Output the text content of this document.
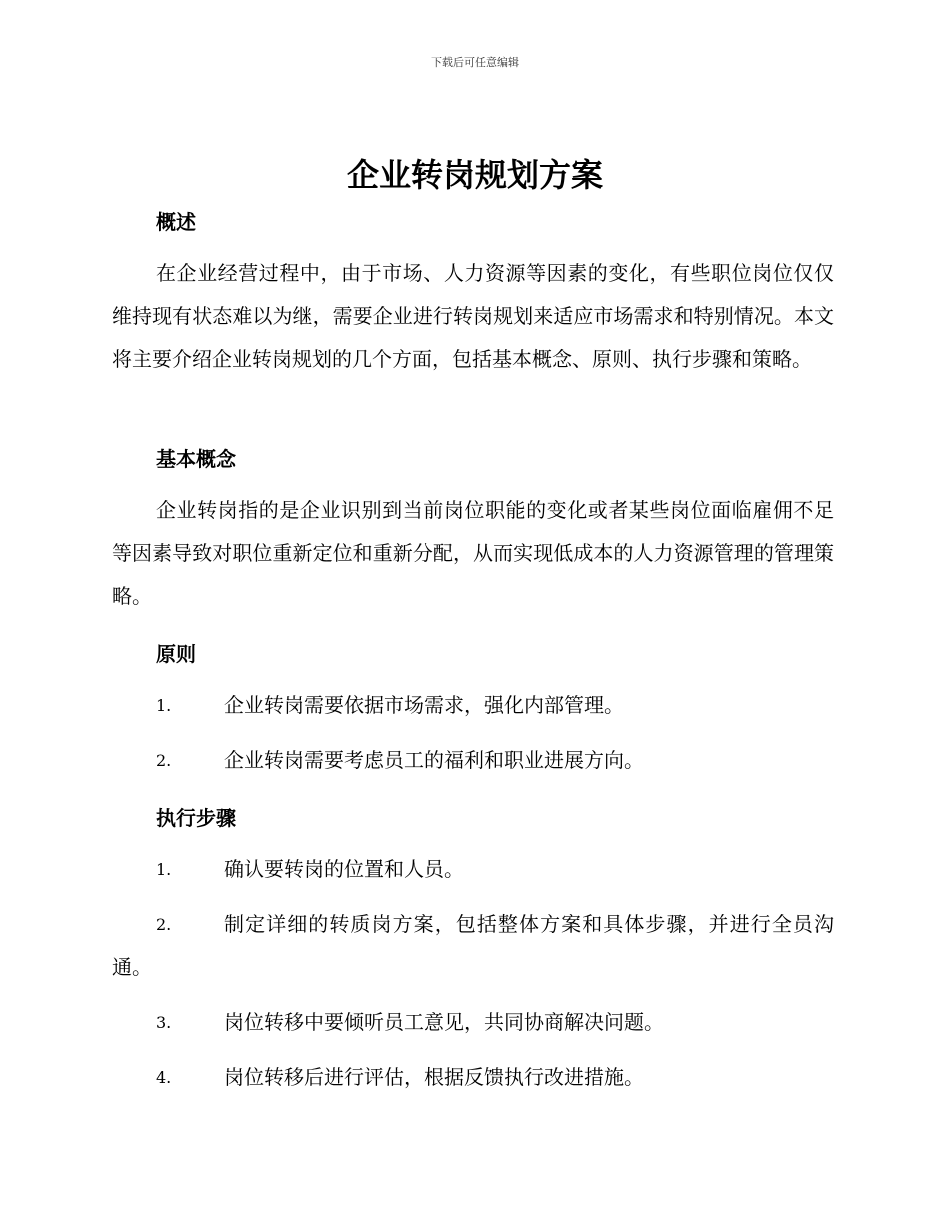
下载后可任意编辑
企业转岗规划方案
概述
在企业经营过程中，由于市场、人力资源等因素的变化，有些职位岗位仅仅维持现有状态难以为继，需要企业进行转岗规划来适应市场需求和特别情况。本文将主要介绍企业转岗规划的几个方面，包括基本概念、原则、执行步骤和策略。
基本概念
企业转岗指的是企业识别到当前岗位职能的变化或者某些岗位面临雇佣不足等因素导致对职位重新定位和重新分配，从而实现低成本的人力资源管理的管理策略。
原则
1.	企业转岗需要依据市场需求，强化内部管理。
2.	企业转岗需要考虑员工的福利和职业进展方向。
执行步骤
1.	确认要转岗的位置和人员。
2.	制定详细的转质岗方案，包括整体方案和具体步骤，并进行全员沟通。
3.	岗位转移中要倾听员工意见，共同协商解决问题。
4.	岗位转移后进行评估，根据反馈执行改进措施。
